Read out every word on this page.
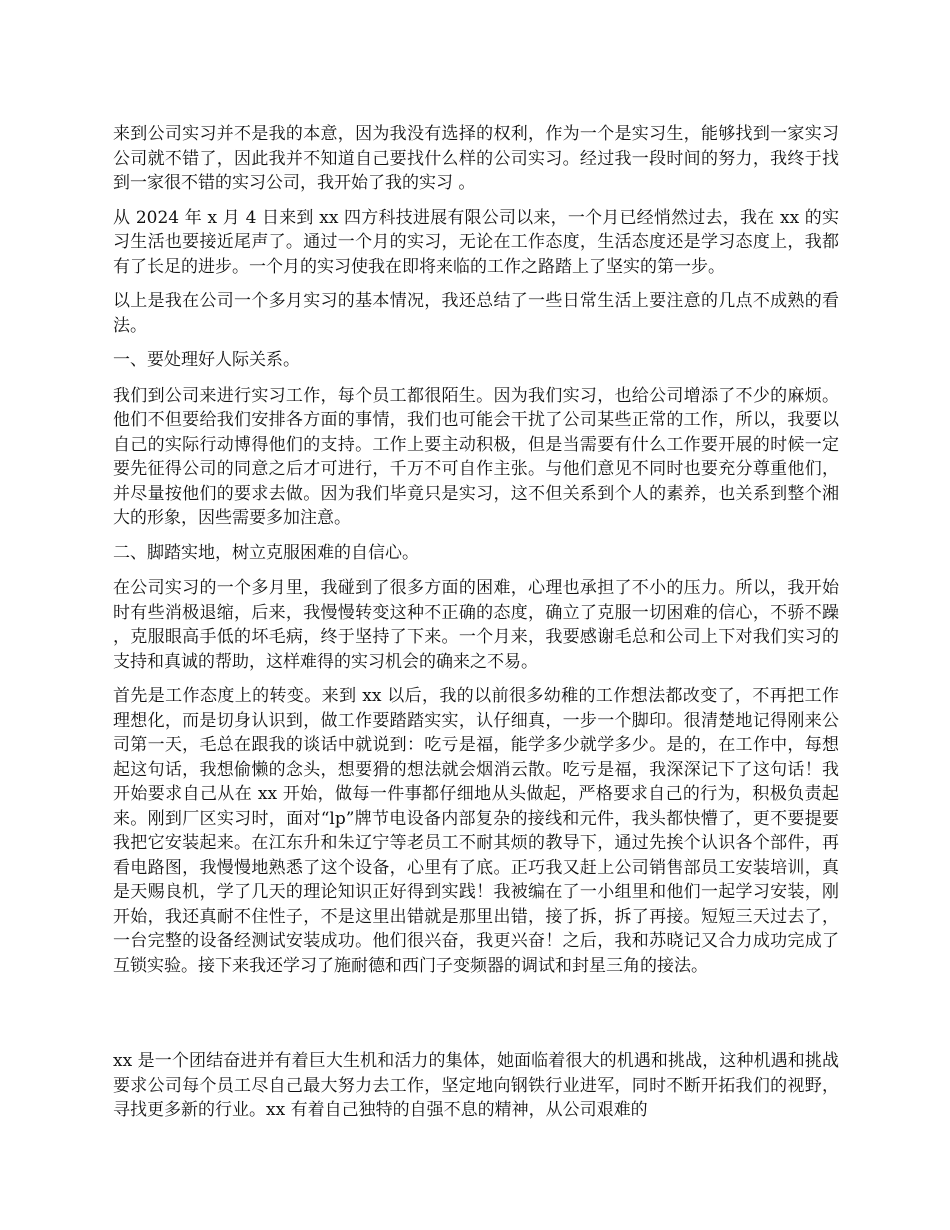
来到公司实习并不是我的本意，因为我没有选择的权利，作为一个是实习生，能够找到一家实习公司就不错了，因此我并不知道自己要找什么样的公司实习。经过我一段时间的努力，我终于找到一家很不错的实习公司，我开始了我的实习 。

从 2024 年 x 月 4 日来到 xx 四方科技进展有限公司以来，一个月已经悄然过去，我在 xx 的实习生活也要接近尾声了。通过一个月的实习，无论在工作态度，生活态度还是学习态度上，我都有了长足的进步。一个月的实习使我在即将来临的工作之路踏上了坚实的第一步。

以上是我在公司一个多月实习的基本情况，我还总结了一些日常生活上要注意的几点不成熟的看法。

一、要处理好人际关系。

我们到公司来进行实习工作，每个员工都很陌生。因为我们实习，也给公司增添了不少的麻烦。他们不但要给我们安排各方面的事情，我们也可能会干扰了公司某些正常的工作，所以，我要以自己的实际行动博得他们的支持。工作上要主动积极，但是当需要有什么工作要开展的时候一定要先征得公司的同意之后才可进行，千万不可自作主张。与他们意见不同时也要充分尊重他们，并尽量按他们的要求去做。因为我们毕竟只是实习，这不但关系到个人的素养，也关系到整个湘大的形象，因些需要多加注意。

二、脚踏实地，树立克服困难的自信心。

在公司实习的一个多月里，我碰到了很多方面的困难，心理也承担了不小的压力。所以，我开始时有些消极退缩，后来，我慢慢转变这种不正确的态度，确立了克服一切困难的信心，不骄不躁 ，克服眼高手低的坏毛病，终于坚持了下来。一个月来，我要感谢毛总和公司上下对我们实习的支持和真诚的帮助，这样难得的实习机会的确来之不易。

首先是工作态度上的转变。来到 xx 以后，我的以前很多幼稚的工作想法都改变了，不再把工作理想化，而是切身认识到，做工作要踏踏实实，认仔细真，一步一个脚印。很清楚地记得刚来公司第一天，毛总在跟我的谈话中就说到：吃亏是福，能学多少就学多少。是的，在工作中，每想起这句话，我想偷懒的念头，想要猾的想法就会烟消云散。吃亏是福，我深深记下了这句话！我开始要求自己从在 xx 开始，做每一件事都仔细地从头做起，严格要求自己的行为，积极负责起来。刚到厂区实习时，面对“lp”牌节电设备内部复杂的接线和元件，我头都快懵了，更不要提要我把它安装起来。在江东升和朱辽宁等老员工不耐其烦的教导下，通过先挨个认识各个部件，再看电路图，我慢慢地熟悉了这个设备，心里有了底。正巧我又赶上公司销售部员工安装培训，真是天赐良机，学了几天的理论知识正好得到实践！我被编在了一小组里和他们一起学习安装，刚开始，我还真耐不住性子，不是这里出错就是那里出错，接了拆，拆了再接。短短三天过去了，一台完整的设备经测试安装成功。他们很兴奋，我更兴奋！之后，我和苏晓记又合力成功完成了互锁实验。接下来我还学习了施耐德和西门子变频器的调试和封星三角的接法。

xx 是一个团结奋进并有着巨大生机和活力的集体，她面临着很大的机遇和挑战，这种机遇和挑战要求公司每个员工尽自己最大努力去工作，坚定地向钢铁行业进军，同时不断开拓我们的视野，寻找更多新的行业。xx 有着自己独特的自强不息的精神，从公司艰难的
